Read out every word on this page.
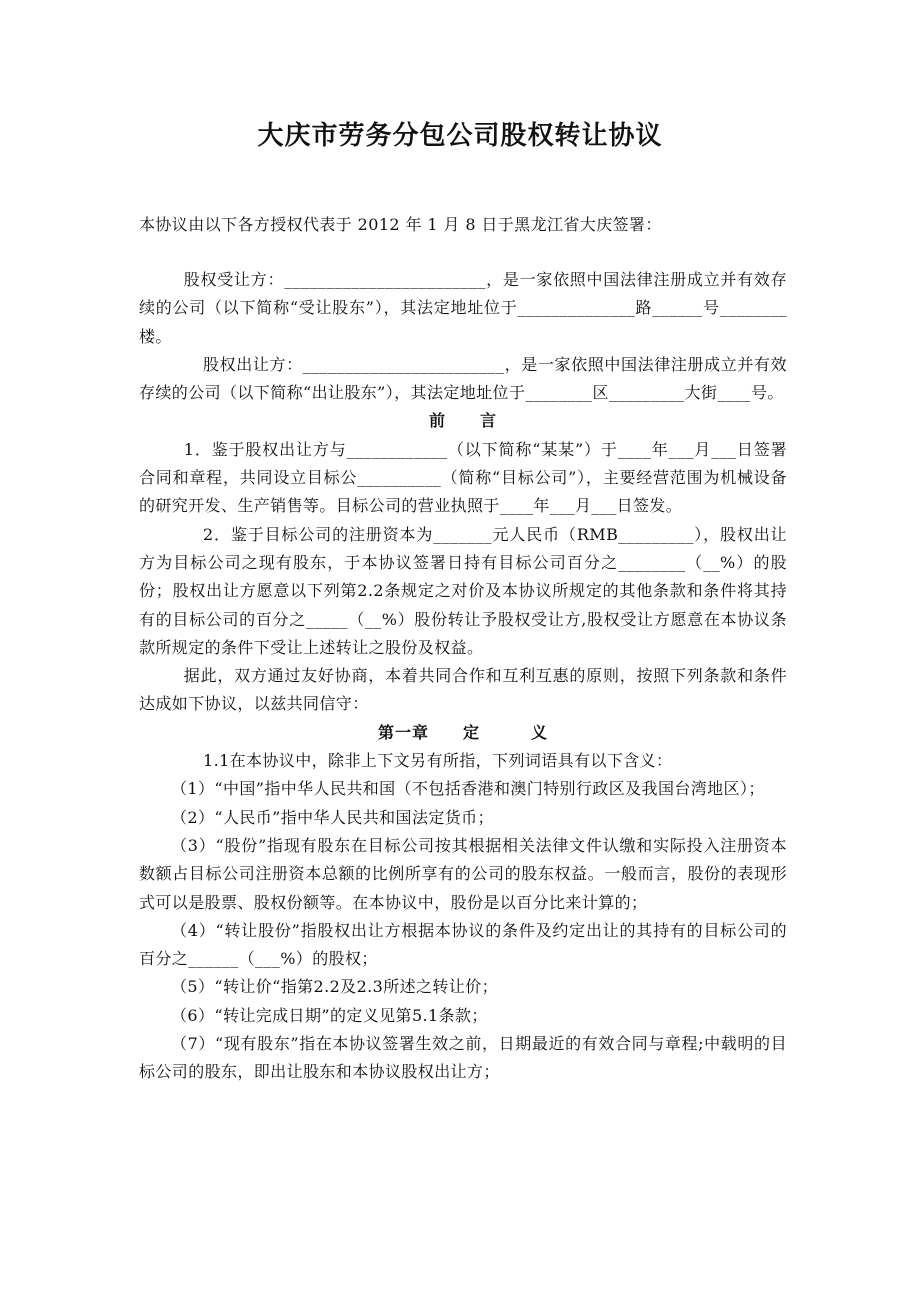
大庆市劳务分包公司股权转让协议

本协议由以下各方授权代表于 2012 年 1 月 8 日于黑龙江省大庆签署：

股权受让方：________________________，是一家依照中国法律注册成立并有效存续的公司（以下简称“受让股东”），其法定地址位于______________路______号________楼。

股权出让方：________________________，是一家依照中国法律注册成立并有效存续的公司（以下简称“出让股东”），其法定地址位于________区_________大街____号。

前　　言

1．鉴于股权出让方与____________（以下简称“某某”）于____年___月___日签署合同和章程，共同设立目标公__________（简称“目标公司”），主要经营范围为机械设备的研究开发、生产销售等。目标公司的营业执照于____年___月___日签发。

2．鉴于目标公司的注册资本为_______元人民币（RMB_________），股权出让方为目标公司之现有股东，于本协议签署日持有目标公司百分之________（__%）的股份；股权出让方愿意以下列第2.2条规定之对价及本协议所规定的其他条款和条件将其持有的目标公司的百分之_____（__%）股份转让予股权受让方,股权受让方愿意在本协议条款所规定的条件下受让上述转让之股份及权益。

据此，双方通过友好协商，本着共同合作和互利互惠的原则，按照下列条款和条件达成如下协议，以兹共同信守：

第一章　　定　　　义

1.1在本协议中，除非上下文另有所指，下列词语具有以下含义：

（1）“中国”指中华人民共和国（不包括香港和澳门特别行政区及我国台湾地区）；

（2）“人民币”指中华人民共和国法定货币；

（3）“股份”指现有股东在目标公司按其根据相关法律文件认缴和实际投入注册资本数额占目标公司注册资本总额的比例所享有的公司的股东权益。一般而言，股份的表现形式可以是股票、股权份额等。在本协议中，股份是以百分比来计算的；

（4）“转让股份”指股权出让方根据本协议的条件及约定出让的其持有的目标公司的百分之______（___%）的股权；

（5）“转让价“指第2.2及2.3所述之转让价；

（6）“转让完成日期”的定义见第5.1条款；

（7）“现有股东”指在本协议签署生效之前，日期最近的有效合同与章程;中载明的目标公司的股东，即出让股东和本协议股权出让方；
